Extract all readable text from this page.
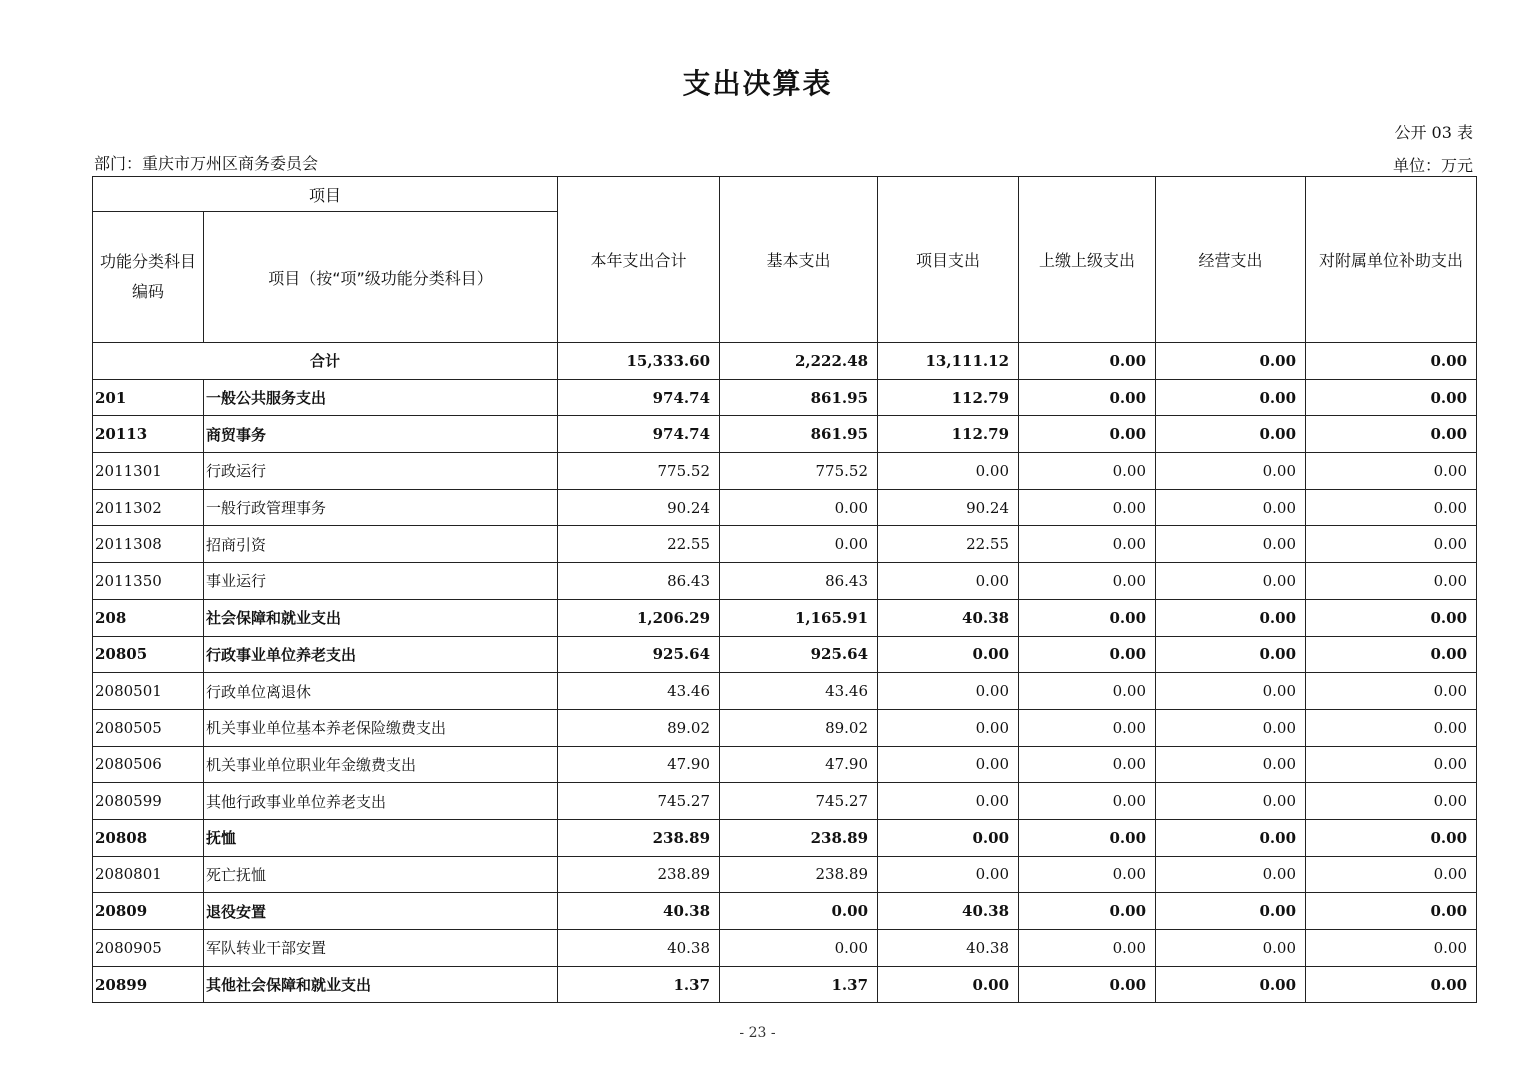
支出决算表
公开 03 表
部门：重庆市万州区商务委员会	单位：万元
项目		本年支出合计	基本支出	项目支出	上缴上级支出	经营支出	对附属单位补助支出
功能分类科目编码	项目（按“项”级功能分类科目）						
合计		15,333.60	2,222.48	13,111.12	0.00	0.00	0.00
201	一般公共服务支出	974.74	861.95	112.79	0.00	0.00	0.00
20113	商贸事务	974.74	861.95	112.79	0.00	0.00	0.00
2011301	行政运行	775.52	775.52	0.00	0.00	0.00	0.00
2011302	一般行政管理事务	90.24	0.00	90.24	0.00	0.00	0.00
2011308	招商引资	22.55	0.00	22.55	0.00	0.00	0.00
2011350	事业运行	86.43	86.43	0.00	0.00	0.00	0.00
208	社会保障和就业支出	1,206.29	1,165.91	40.38	0.00	0.00	0.00
20805	行政事业单位养老支出	925.64	925.64	0.00	0.00	0.00	0.00
2080501	行政单位离退休	43.46	43.46	0.00	0.00	0.00	0.00
2080505	机关事业单位基本养老保险缴费支出	89.02	89.02	0.00	0.00	0.00	0.00
2080506	机关事业单位职业年金缴费支出	47.90	47.90	0.00	0.00	0.00	0.00
2080599	其他行政事业单位养老支出	745.27	745.27	0.00	0.00	0.00	0.00
20808	抚恤	238.89	238.89	0.00	0.00	0.00	0.00
2080801	死亡抚恤	238.89	238.89	0.00	0.00	0.00	0.00
20809	退役安置	40.38	0.00	40.38	0.00	0.00	0.00
2080905	军队转业干部安置	40.38	0.00	40.38	0.00	0.00	0.00
20899	其他社会保障和就业支出	1.37	1.37	0.00	0.00	0.00	0.00
- 23 -
